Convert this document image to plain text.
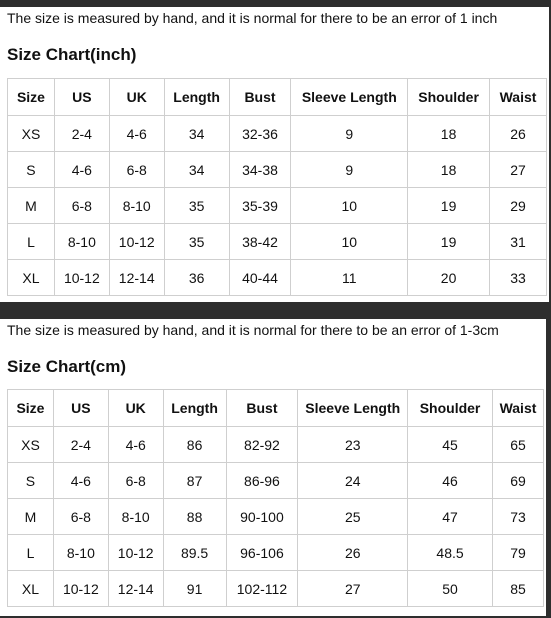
The size is measured by hand, and it is normal for there to be an error of 1 inch
Size Chart(inch)
Size	US	UK	Length	Bust	Sleeve Length	Shoulder	Waist
XS	2-4	4-6	34	32-36	9	18	26
S	4-6	6-8	34	34-38	9	18	27
M	6-8	8-10	35	35-39	10	19	29
L	8-10	10-12	35	38-42	10	19	31
XL	10-12	12-14	36	40-44	11	20	33
The size is measured by hand, and it is normal for there to be an error of 1-3cm
Size Chart(cm)
Size	US	UK	Length	Bust	Sleeve Length	Shoulder	Waist
XS	2-4	4-6	86	82-92	23	45	65
S	4-6	6-8	87	86-96	24	46	69
M	6-8	8-10	88	90-100	25	47	73
L	8-10	10-12	89.5	96-106	26	48.5	79
XL	10-12	12-14	91	102-112	27	50	85
